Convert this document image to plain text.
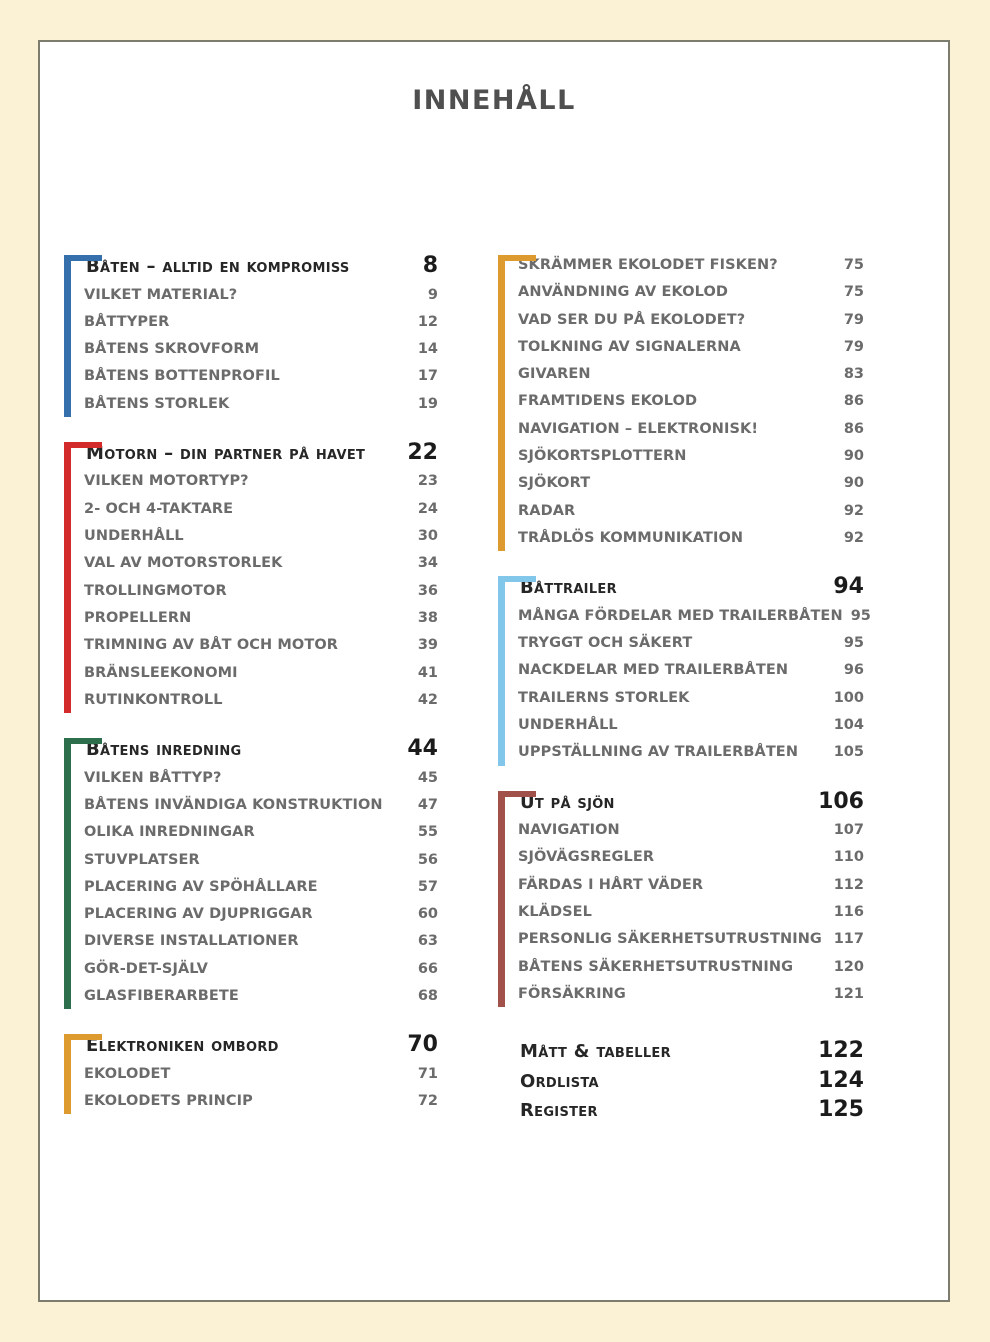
INNEHÅLL
Båten – alltid en kompromiss	8
VILKET MATERIAL?	9
BÅTTYPER	12
BÅTENS SKROVFORM	14
BÅTENS BOTTENPROFIL	17
BÅTENS STORLEK	19
Motorn – din partner på havet 22
VILKEN MOTORTYP?	23
2- OCH 4-TAKTARE	24
UNDERHÅLL	30
VAL AV MOTORSTORLEK	34
TROLLINGMOTOR	36
PROPELLERN	38
TRIMNING AV BÅT OCH MOTOR	39
BRÄNSLEEKONOMI	41
RUTINKONTROLL	42
Båtens inredning	44
VILKEN BÅTTYP?	45
BÅTENS INVÄNDIGA KONSTRUKTION 47
OLIKA INREDNINGAR	55
STUVPLATSER	56
PLACERING AV SPÖHÅLLARE	57
PLACERING AV DJUPRIGGAR	60
DIVERSE INSTALLATIONER	63
GÖR-DET-SJÄLV	66
GLASFIBERARBETE	68
Elektroniken ombord	70
EKOLODET	71
EKOLODETS PRINCIP	72
SKRÄMMER EKOLODET FISKEN?	75
ANVÄNDNING AV EKOLOD	75
VAD SER DU PÅ EKOLODET?	79
TOLKNING AV SIGNALERNA	79
GIVAREN	83
FRAMTIDENS EKOLOD	86
NAVIGATION – ELEKTRONISK!	86
SJÖKORTSPLOTTERN	90
SJÖKORT	90
RADAR	92
TRÅDLÖS KOMMUNIKATION	92
Båttrailer	94
MÅNGA FÖRDELAR MED TRAILERBÅTEN 95
TRYGGT OCH SÄKERT	95
NACKDELAR MED TRAILERBÅTEN	96
TRAILERNS STORLEK	100
UNDERHÅLL	104
UPPSTÄLLNING AV TRAILERBÅTEN 105
Ut på sjön	106
NAVIGATION	107
SJÖVÄGSREGLER	110
FÄRDAS I HÅRT VÄDER	112
KLÄDSEL	116
PERSONLIG SÄKERHETSUTRUSTNING 117
BÅTENS SÄKERHETSUTRUSTNING	120
FÖRSÄKRING	121
Mått & tabeller	122
Ordlista	124
Register	125
